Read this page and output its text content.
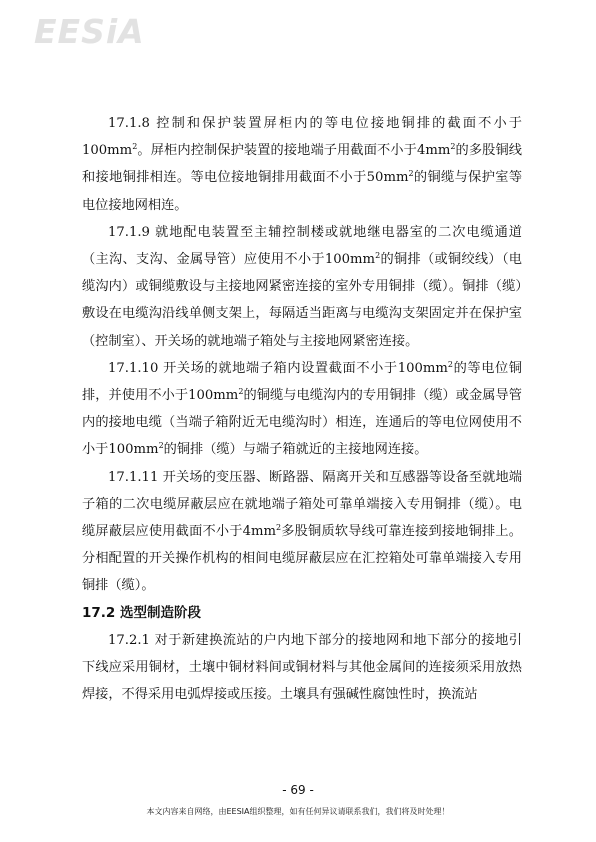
EESiA

17.1.8 控制和保护装置屏柜内的等电位接地铜排的截面不小于$100mm^2$。屏柜内控制保护装置的接地端子用截面不小于$4mm^2$的多股铜线和接地铜排相连。等电位接地铜排用截面不小于$50mm^2$的铜缆与保护室等电位接地网相连。

17.1.9 就地配电装置至主辅控制楼或就地继电器室的二次电缆通道（主沟、支沟、金属导管）应使用不小于$100mm^2$的铜排（或铜绞线）（电缆沟内）或铜缆敷设与主接地网紧密连接的室外专用铜排（缆）。铜排（缆）敷设在电缆沟沿线单侧支架上，每隔适当距离与电缆沟支架固定并在保护室（控制室）、开关场的就地端子箱处与主接地网紧密连接。

17.1.10 开关场的就地端子箱内设置截面不小于$100mm^2$的等电位铜排，并使用不小于$100mm^2$的铜缆与电缆沟内的专用铜排（缆）或金属导管内的接地电缆（当端子箱附近无电缆沟时）相连，连通后的等电位网使用不小于$100mm^2$的铜排（缆）与端子箱就近的主接地网连接。

17.1.11 开关场的变压器、断路器、隔离开关和互感器等设备至就地端子箱的二次电缆屏蔽层应在就地端子箱处可靠单端接入专用铜排（缆）。电缆屏蔽层应使用截面不小于$4mm^2$多股铜质软导线可靠连接到接地铜排上。分相配置的开关操作机构的相间电缆屏蔽层应在汇控箱处可靠单端接入专用铜排（缆）。

17.2 选型制造阶段

17.2.1 对于新建换流站的户内地下部分的接地网和地下部分的接地引下线应采用铜材，土壤中铜材料间或铜材料与其他金属间的连接须采用放热焊接，不得采用电弧焊接或压接。土壤具有强碱性腐蚀性时，换流站

- 69 -
本文内容来自网络，由EESIA组织整理，如有任何异议请联系我们，我们将及时处理！
